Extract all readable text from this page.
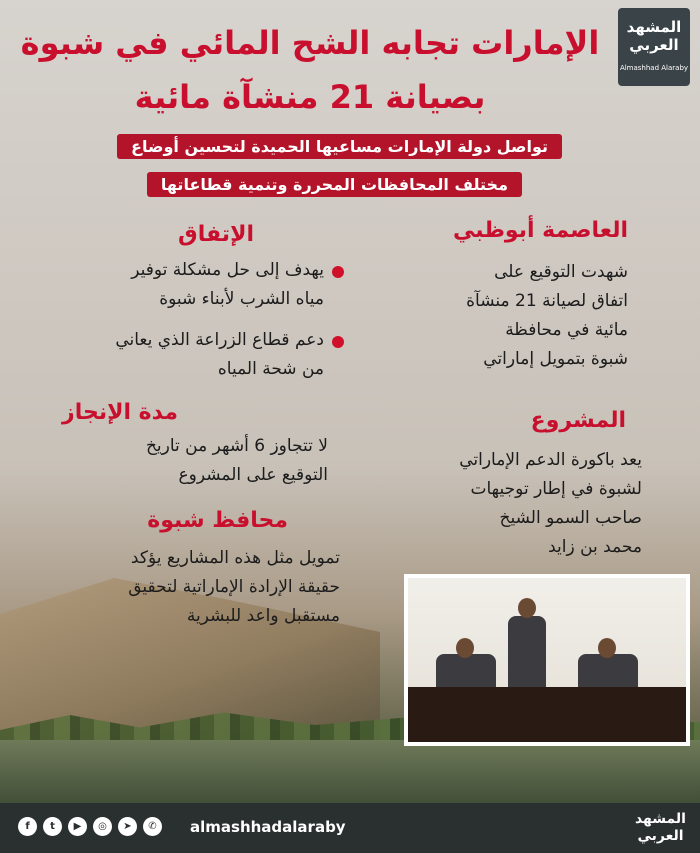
المشهد
العربي
Almashhad Alaraby
الإمارات تجابه الشح المائي في شبوة
بصيانة 21 منشآة مائية
تواصل دولة الإمارات مساعيها الحميدة لتحسين أوضاع
مختلف المحافظات المحررة وتنمية قطاعاتها
العاصمة أبوظبي
شهدت التوقيع على
اتفاق لصيانة 21 منشآة
مائية في محافظة
شبوة بتمويل إماراتي
المشروع
يعد باكورة الدعم الإماراتي
لشبوة في إطار توجيهات
صاحب السمو الشيخ
محمد بن زايد
الإتفاق
يهدف إلى حل مشكلة توفير
مياه الشرب لأبناء شبوة
دعم قطاع الزراعة الذي يعاني
من شحة المياه
مدة الإنجاز
لا تتجاوز 6 أشهر من تاريخ
التوقيع على المشروع
محافظ شبوة
تمويل مثل هذه المشاريع يؤكد
حقيقة الإرادة الإماراتية لتحقيق
مستقبل واعد للبشرية
f	t	▶	◎	➤	✆	almashhadalaraby	المشهد
العربي
